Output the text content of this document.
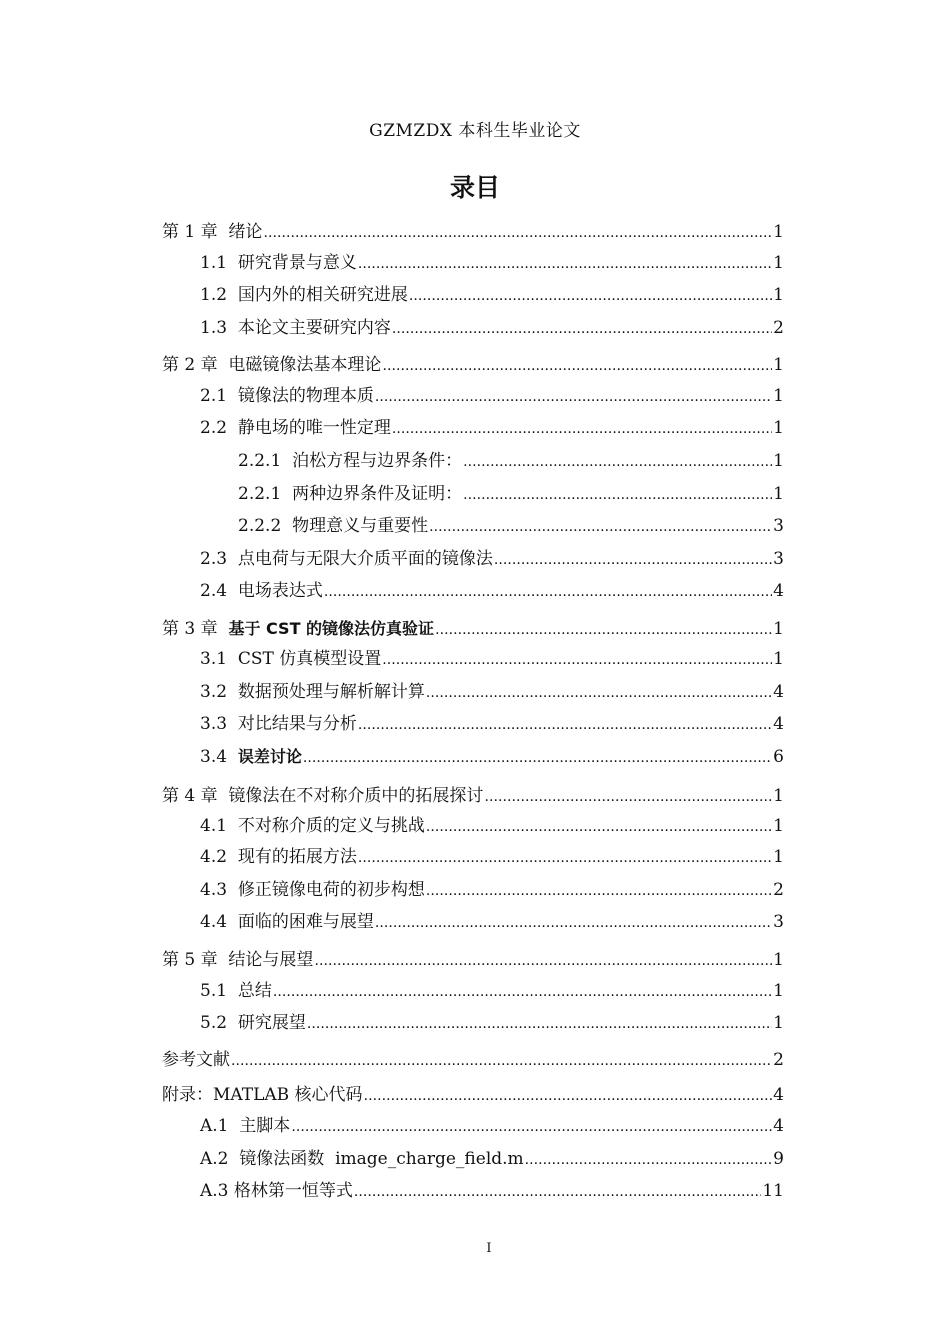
GZMZDX 本科生毕业论文
录目
第 1 章  绪论 . . .	1
1.1  研究背景与意义 . . .	1
1.2  国内外的相关研究进展 . . .	1
1.3  本论文主要研究内容 . . .	2
第 2 章  电磁镜像法基本理论 . . .	1
2.1  镜像法的物理本质 . . .	1
2.2  静电场的唯一性定理 . . .	1
2.2.1  泊松方程与边界条件： . . .	1
2.2.1  两种边界条件及证明： . . .	1
2.2.2  物理意义与重要性 . . .	3
2.3  点电荷与无限大介质平面的镜像法 . . .	3
2.4  电场表达式 . . .	4
第 3 章  基于 CST 的镜像法仿真验证 . . .	1
3.1  CST 仿真模型设置 . . .	1
3.2  数据预处理与解析解计算 . . .	4
3.3  对比结果与分析 . . .	4
3.4  误差讨论 . . .	6
第 4 章  镜像法在不对称介质中的拓展探讨 . . .	1
4.1  不对称介质的定义与挑战 . . .	1
4.2  现有的拓展方法 . . .	1
4.3  修正镜像电荷的初步构想 . . .	2
4.4  面临的困难与展望 . . .	3
第 5 章  结论与展望 . . .	1
5.1  总结 . . .	1
5.2  研究展望 . . .	1
参考文献 . . .	2
附录：MATLAB 核心代码 . . .	4
A.1  主脚本 . . .	4
A.2  镜像法函数  image_charge_field.m . . .	9
A.3 格林第一恒等式 . . .	11
I
